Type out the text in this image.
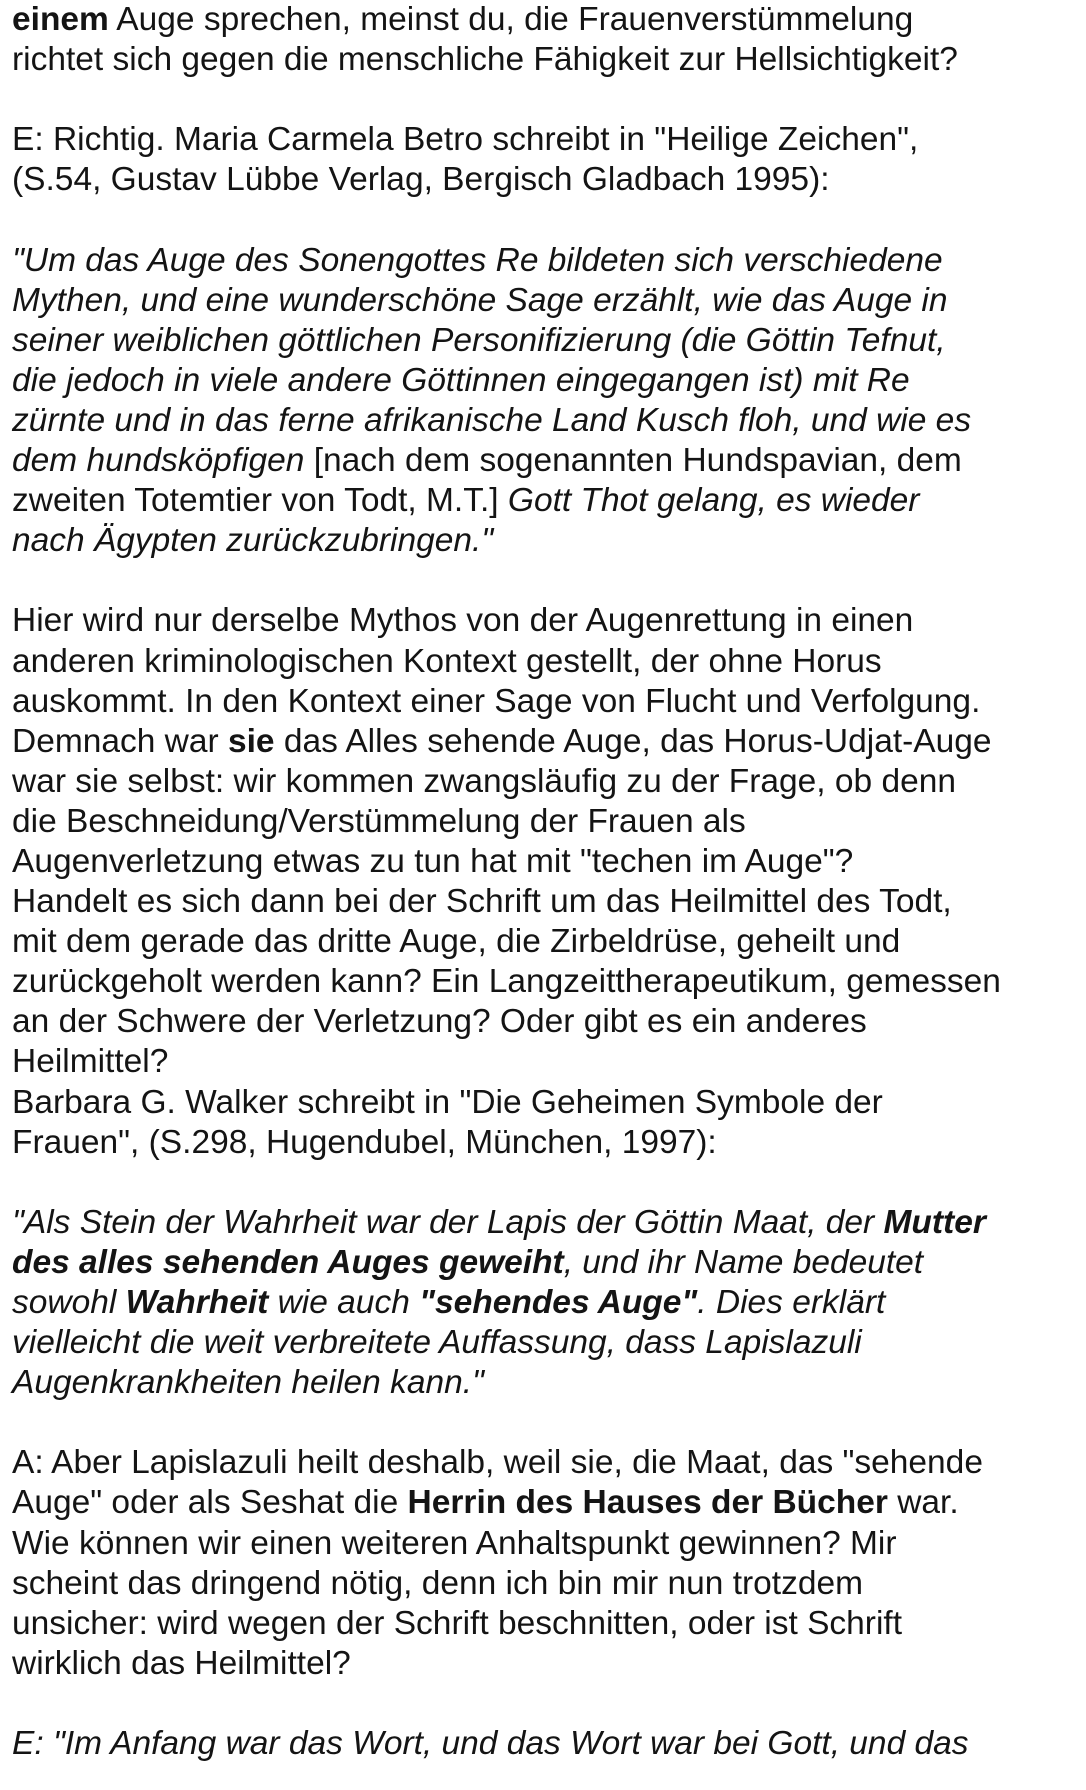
einem Auge sprechen, meinst du, die Frauenverstümmelung
richtet sich gegen die menschliche Fähigkeit zur Hellsichtigkeit?
E: Richtig. Maria Carmela Betro schreibt in "Heilige Zeichen",
(S.54, Gustav Lübbe Verlag, Bergisch Gladbach 1995):
"Um das Auge des Sonengottes Re bildeten sich verschiedene
Mythen, und eine wunderschöne Sage erzählt, wie das Auge in
seiner weiblichen göttlichen Personifizierung (die Göttin Tefnut,
die jedoch in viele andere Göttinnen eingegangen ist) mit Re
zürnte und in das ferne afrikanische Land Kusch floh, und wie es
dem hundsköpfigen [nach dem sogenannten Hundspavian, dem
zweiten Totemtier von Todt, M.T.] Gott Thot gelang, es wieder
nach Ägypten zurückzubringen."
Hier wird nur derselbe Mythos von der Augenrettung in einen
anderen kriminologischen Kontext gestellt, der ohne Horus
auskommt. In den Kontext einer Sage von Flucht und Verfolgung.
Demnach war sie das Alles sehende Auge, das Horus-Udjat-Auge
war sie selbst: wir kommen zwangsläufig zu der Frage, ob denn
die Beschneidung/Verstümmelung der Frauen als
Augenverletzung etwas zu tun hat mit "techen im Auge"?
Handelt es sich dann bei der Schrift um das Heilmittel des Todt,
mit dem gerade das dritte Auge, die Zirbeldrüse, geheilt und
zurückgeholt werden kann? Ein Langzeittherapeutikum, gemessen
an der Schwere der Verletzung? Oder gibt es ein anderes
Heilmittel?
Barbara G. Walker schreibt in "Die Geheimen Symbole der
Frauen", (S.298, Hugendubel, München, 1997):
"Als Stein der Wahrheit war der Lapis der Göttin Maat, der Mutter
des alles sehenden Auges geweiht, und ihr Name bedeutet
sowohl Wahrheit wie auch "sehendes Auge". Dies erklärt
vielleicht die weit verbreitete Auffassung, dass Lapislazuli
Augenkrankheiten heilen kann."
A: Aber Lapislazuli heilt deshalb, weil sie, die Maat, das "sehende
Auge" oder als Seshat die Herrin des Hauses der Bücher war.
Wie können wir einen weiteren Anhaltspunkt gewinnen? Mir
scheint das dringend nötig, denn ich bin mir nun trotzdem
unsicher: wird wegen der Schrift beschnitten, oder ist Schrift
wirklich das Heilmittel?
E: "Im Anfang war das Wort, und das Wort war bei Gott, und das
